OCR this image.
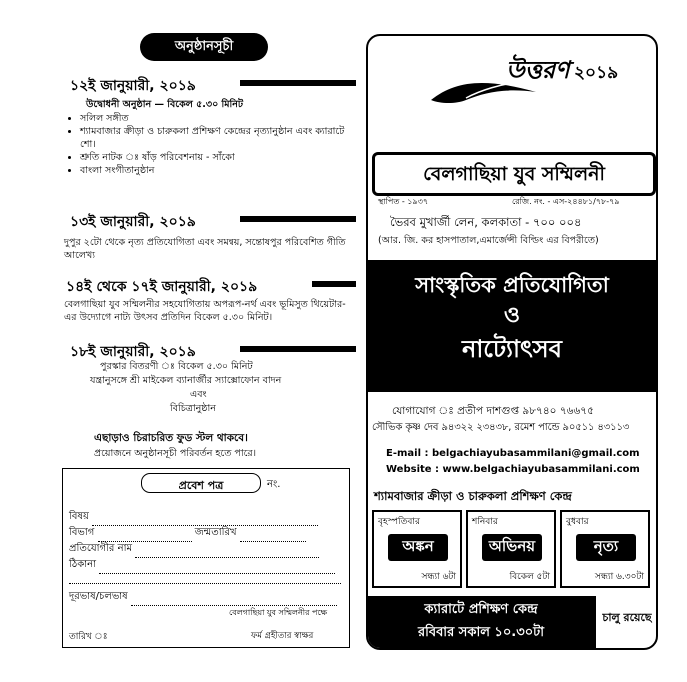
অনুষ্ঠানসূচী
১২ই জানুয়ারী, ২০১৯
উদ্বোধনী অনুষ্ঠান — বিকেল ৫.৩০ মিনিট
• সলিল সঙ্গীত
• শ্যামবাজার ক্রীড়া ও চারুকলা প্রশিক্ষণ কেন্দ্রের নৃত্যানুষ্ঠান এবং ক্যারাটে শো।
• শ্রুতি নাটক ঃ ষাঁড় পরিবেশনায় - সাঁকো
• বাংলা সংগীতানুষ্ঠান
১৩ই জানুয়ারী, ২০১৯
দুপুর ২টো থেকে নৃত্য প্রতিযোগিতা এবং সমন্বয়, সন্তোষপুর পরিবেশিত গীতি আলেখ্য
১৪ই থেকে ১৭ই জানুয়ারী, ২০১৯
বেলগাছিয়া যুব সম্মিলনীর সহযোগিতায় অপরূপ-নর্থ এবং ভূমিসুত থিয়েটার-এর উদ্যোগে নাট্য উৎসব প্রতিদিন বিকেল ৫.৩০ মিনিট।
১৮ই জানুয়ারী, ২০১৯
পুরস্কার বিতরণী ঃ বিকেল ৫.৩০ মিনিট
যন্ত্রানুসঙ্গে শ্রী মাইকেল ব্যানার্জীর স্যাক্সোফোন বাদন
এবং
বিচিত্রানুষ্ঠান
এছাড়াও চিরাচরিত ফুড স্টল থাকবে।
প্রয়োজনে অনুষ্ঠানসূচী পরিবর্তন হতে পারে।
প্রবেশ পত্র	নং.
বিষয়
বিভাগ	জন্মতারিখ
প্রতিযোগীর নাম
ঠিকানা
দূরভাষ/চলভাষ
বেলগাছিয়া যুব সম্মিলনীর পক্ষে
তারিখ ঃ	ফর্ম গ্রহীতার স্বাক্ষর
উত্তরণ ২০১৯
বেলগাছিয়া যুব সম্মিলনী
স্থাপিত - ১৯৩৭	রেজি. নং. - এস-২৪৪৮১/৭৮-৭৯
ভৈরব মুখার্জী লেন, কলকাতা - ৭০০ ০০৪
(আর. জি. কর হাসপাতাল,এমার্জেন্সী বিল্ডিং এর বিপরীতে)
সাংস্কৃতিক প্রতিযোগিতা
ও
নাট্যোৎসব
যোগাযোগ ঃ প্রতীপ দাশগুপ্ত ৯৮৭৪০ ৭৬৬৭৫
সৌভিক কৃষ্ণ দেব ৯৪৩২২ ২৩৪৩৮, রমেশ পান্ডে ৯০৫১১ ৪৩১১৩
E-mail : belgachiayubasammilani@gmail.com
Website : www.belgachiayubasammilani.com
শ্যামবাজার ক্রীড়া ও চারুকলা প্রশিক্ষণ কেন্দ্র
বৃহস্পতিবার
অঙ্কন
সন্ধ্যা ৬টা
শনিবার
অভিনয়
বিকেল ৫টা
বুধবার
নৃত্য
সন্ধ্যা ৬.৩০টা
ক্যারাটে প্রশিক্ষণ কেন্দ্র
রবিবার সকাল ১০.৩০টা
চালু রয়েছে
